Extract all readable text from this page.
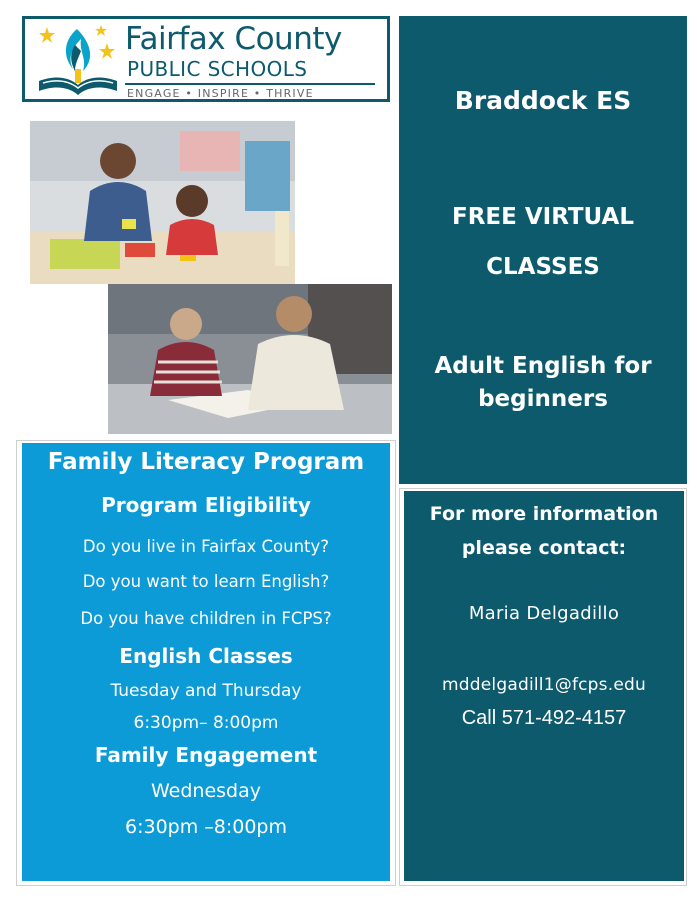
Fairfax County
PUBLIC SCHOOLS
ENGAGE • INSPIRE • THRIVE	Braddock ES
FREE VIRTUAL
CLASSES
Adult English for
beginners
For more information
please contact:
Maria Delgadillo
mddelgadill1@fcps.edu
Call 571-492-4157
Family Literacy Program
Program Eligibility
Do you live in Fairfax County?
Do you want to learn English?
Do you have children in FCPS?
English Classes
Tuesday and Thursday
6:30pm– 8:00pm
Family Engagement
Wednesday
6:30pm –8:00pm
